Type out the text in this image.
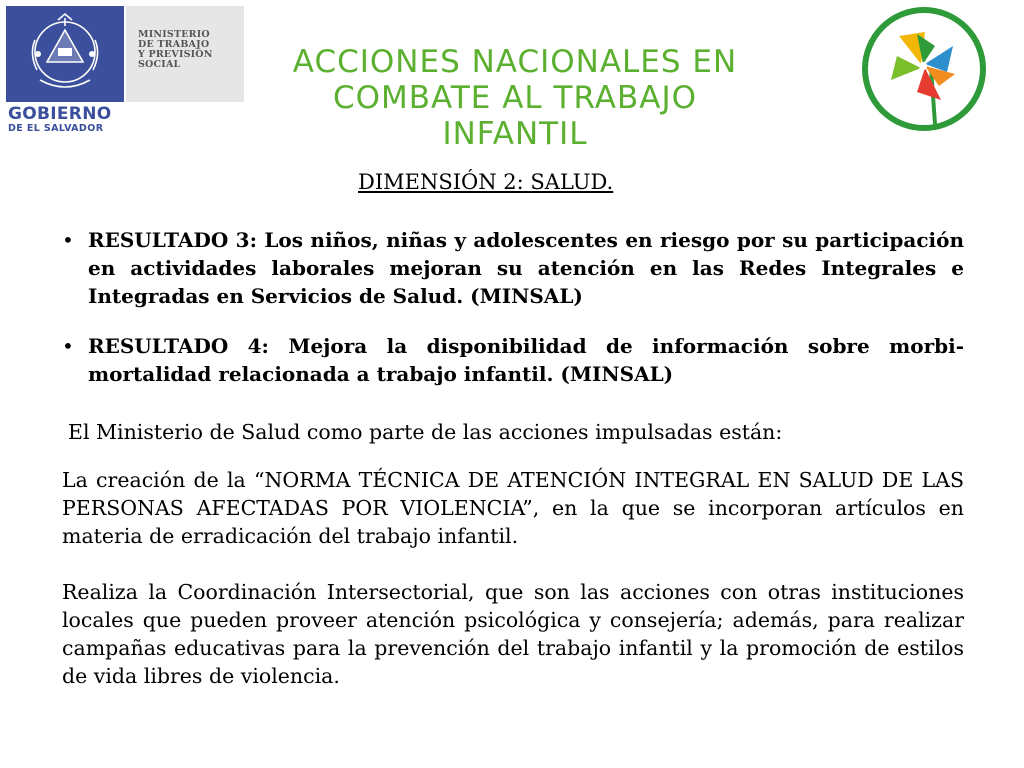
MINISTERIO
DE TRABAJO
Y PREVISIÓN
SOCIAL
GOBIERNO
DE EL SALVADOR
ACCIONES NACIONALES EN COMBATE AL TRABAJO INFANTIL
DIMENSIÓN 2: SALUD.
• RESULTADO 3: Los niños, niñas y adolescentes en riesgo por su participación en actividades laborales mejoran su atención en las Redes Integrales e Integradas en Servicios de Salud. (MINSAL)
• RESULTADO 4: Mejora la disponibilidad de información sobre morbi-mortalidad relacionada a trabajo infantil. (MINSAL)

El Ministerio de Salud como parte de las acciones impulsadas están:

La creación de la “NORMA TÉCNICA DE ATENCIÓN INTEGRAL EN SALUD DE LAS PERSONAS AFECTADAS POR VIOLENCIA”, en la que se incorporan artículos en materia de erradicación del trabajo infantil.

Realiza la Coordinación Intersectorial, que son las acciones con otras instituciones locales que pueden proveer atención psicológica y consejería; además, para realizar campañas educativas para la prevención del trabajo infantil y la promoción de estilos de vida libres de violencia.
